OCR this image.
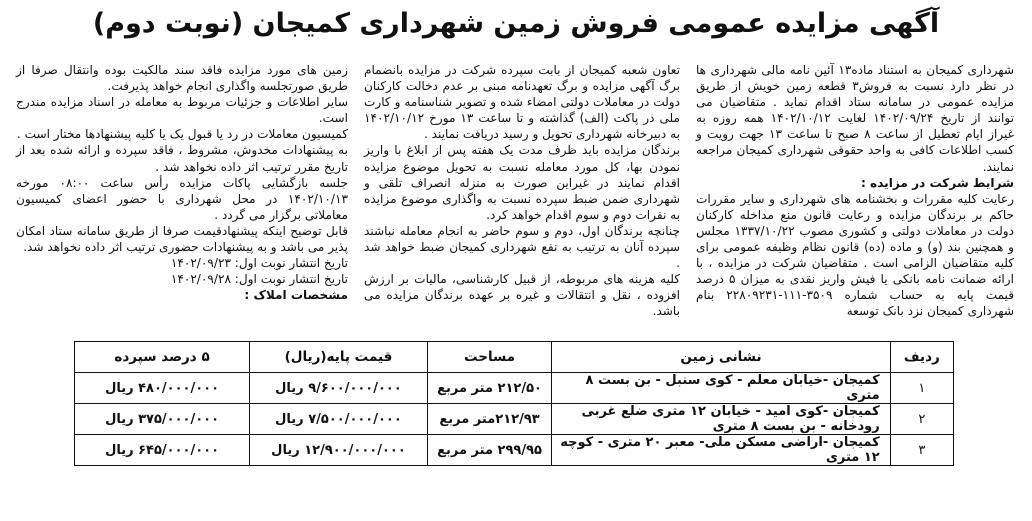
آگهی مزایده عمومی فروش زمین شهرداری کمیجان (نوبت دوم)

شهرداری کمیجان به استناد ماده۱۳ آئین نامه مالی شهرداری ها در نظر دارد نسبت به فروش۳ قطعه زمین خویش از طریق مزایده عمومی در سامانه ستاد اقدام نماید . متقاضیان می توانند از تاریخ ۱۴۰۲/۰۹/۲۴ لغایت ۱۴۰۲/۱۰/۱۲ همه روزه به غیراز ایام تعطیل از ساعت ۸ صبح تا ساعت ۱۳ جهت رویت و کسب اطلاعات کافی به واحد حقوقی شهرداری کمیجان مراجعه نمایند.

شرایط شرکت در مزایده :

رعایت کلیه مقررات و بخشنامه های شهرداری و سایر مقررات حاکم بر برندگان مزایده و رعایت قانون منع مداخله کارکنان دولت در معاملات دولتی و کشوری مصوب ۱۳۳۷/۱۰/۲۲ مجلس و همچنین بند (و) و ماده (ده) قانون نظام وظیفه عمومی برای کلیه متقاضیان الزامی است . متقاضیان شرکت در مزایده ، با ارائه ضمانت نامه بانکی یا فیش واریز نقدی به میزان ۵ درصد قیمت پایه به حساب شماره ۳۵۰۹-۱۱۱-۲۲۸۰۹۲۳۱ بنام شهرداری کمیجان نزد بانک توسعه

تعاون شعبه کمیجان از بابت سپرده شرکت در مزایده بانضمام برگ آگهی مزایده و برگ تعهدنامه مبنی بر عدم دخالت کارکنان دولت در معاملات دولتی امضاء شده و تصویر شناسنامه و کارت ملی در پاکت (الف) گذاشته و تا ساعت ۱۳ مورخ ۱۴۰۲/۱۰/۱۲ به دبیرخانه شهرداری تحویل و رسید دریافت نمایند .

برندگان مزایده باید ظرف مدت یک هفته پس از ابلاغ با واریز نمودن بها، کل مورد معامله نسبت به تحویل موضوع مزایده اقدام نمایند در غیراین صورت به منزله انصراف تلقی و شهرداری ضمن ضبط سپرده نسبت به واگذاری موضوع مزایده به نفرات دوم و سوم اقدام خواهد کرد.

چنانچه برندگان اول، دوم و سوم حاضر به انجام معامله نباشند سپرده آنان به ترتیب به نفع شهرداری کمیجان ضبط خواهد شد .

کلیه هزینه های مربوطه، از قبیل کارشناسی، مالیات بر ارزش افزوده ، نقل و انتقالات و غیره بر عهده برندگان مزایده می باشد.

زمین های مورد مزایده فاقد سند مالکیت بوده وانتقال صرفا از طریق صورتجلسه واگذاری انجام خواهد پذیرفت.

سایر اطلاعات و جزئیات مربوط به معامله در اسناد مزایده مندرج است.

کمیسیون معاملات در رد یا قبول یک یا کلیه پیشنهادها مختار است .

به پیشنهادات مخدوش، مشروط ، فاقد سپرده و ارائه شده بعد از تاریخ مقرر ترتیب اثر داده نخواهد شد .

جلسه بازگشایی پاکات مزایده رأس ساعت ۰۸:۰۰ مورخه ۱۴۰۲/۱۰/۱۳ در محل شهرداری با حضور اعضای کمیسیون معاملاتی برگزار می گردد .

قابل توضیح اینکه پیشنهادقیمت صرفا از طریق سامانه ستاد امکان پذیر می باشد و به پیشنهادات حضوری ترتیب اثر داده نخواهد شد.

تاریخ انتشار نوبت اول: ۱۴۰۲/۰۹/۲۳

تاریخ انتشار نوبت اول: ۱۴۰۲/۰۹/۲۸

مشخصات املاک :

ردیف	نشانی زمین	مساحت	قیمت پایه(ریال)	۵ درصد سپرده
۱	کمیجان -خیابان معلم - کوی سنبل - بن بست ۸ متری	۲۱۲/۵۰ متر مربع	۹/۶۰۰/۰۰۰/۰۰۰ ریال	۴۸۰/۰۰۰/۰۰۰ ریال
۲	کمیجان -کوی امید - خیابان ۱۲ متری ضلع غربی رودخانه - بن بست ۸ متری	۲۱۲/۹۳متر مربع	۷/۵۰۰/۰۰۰/۰۰۰ ریال	۳۷۵/۰۰۰/۰۰۰ ریال
۳	کمیجان -اراضی مسکن ملی- معبر ۲۰ متری - کوچه ۱۲ متری	۲۹۹/۹۵ متر مربع	۱۲/۹۰۰/۰۰۰/۰۰۰ ریال	۶۴۵/۰۰۰/۰۰۰ ریال
